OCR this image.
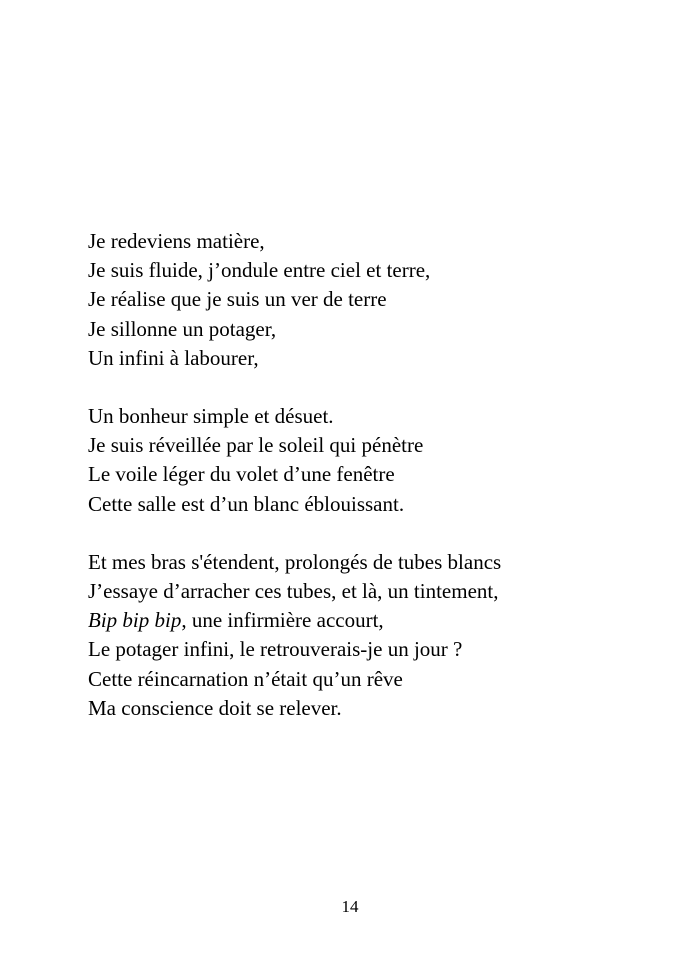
Je redeviens matière,
Je suis fluide, j’ondule entre ciel et terre,
Je réalise que je suis un ver de terre
Je sillonne un potager,
Un infini à labourer,

Un bonheur simple et désuet.
Je suis réveillée par le soleil qui pénètre
Le voile léger du volet d’une fenêtre
Cette salle est d’un blanc éblouissant.

Et mes bras s'étendent, prolongés de tubes blancs
J’essaye d’arracher ces tubes, et là, un tintement,
Bip bip bip, une infirmière accourt,
Le potager infini, le retrouverais-je un jour ?
Cette réincarnation n’était qu’un rêve
Ma conscience doit se relever.

14
